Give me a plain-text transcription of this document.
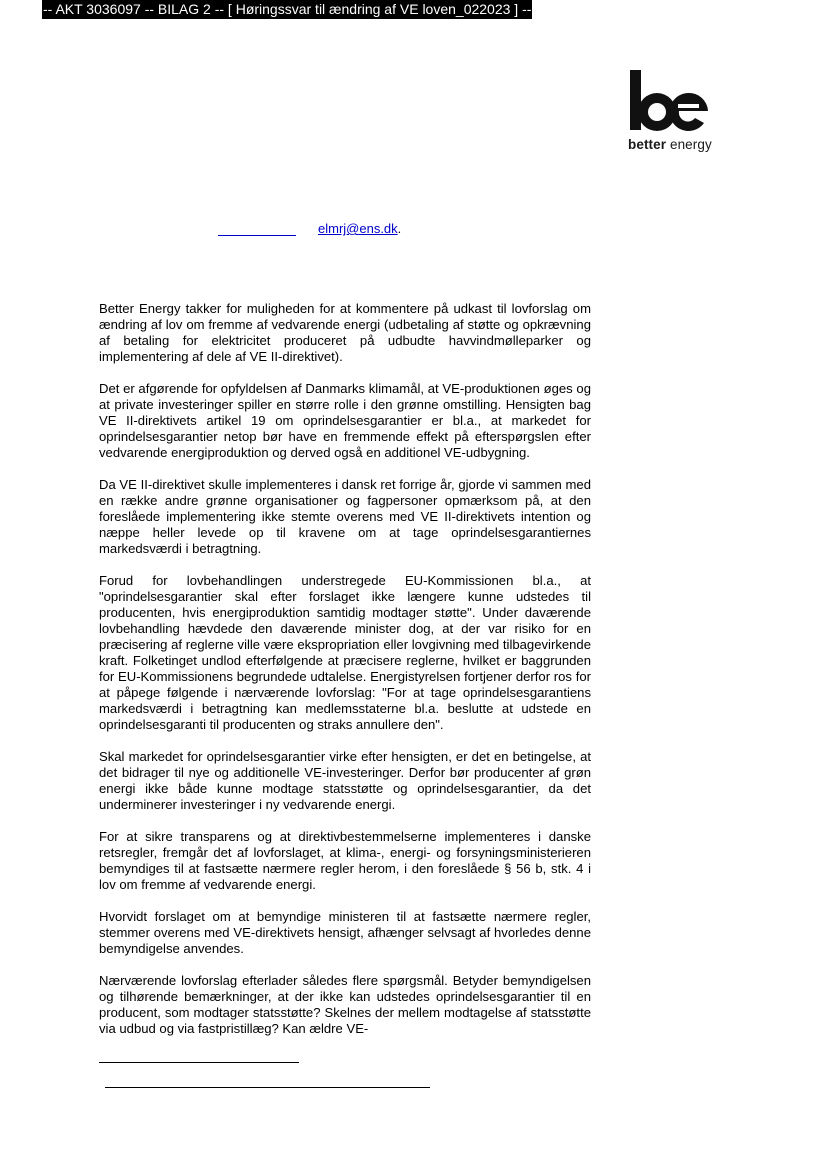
-- AKT 3036097 -- BILAG 2 -- [ Høringssvar til ændring af VE loven_022023 ] --
better energy
elmrj@ens.dk.

Better Energy takker for muligheden for at kommentere på udkast til lovforslag om ændring af lov om fremme af vedvarende energi (udbetaling af støtte og opkrævning af betaling for elektricitet produceret på udbudte havvindmølleparker og implementering af dele af VE II-direktivet).

Det er afgørende for opfyldelsen af Danmarks klimamål, at VE-produktionen øges og at private investeringer spiller en større rolle i den grønne omstilling. Hensigten bag VE II-direktivets artikel 19 om oprindelsesgarantier er bl.a., at markedet for oprindelsesgarantier netop bør have en fremmende effekt på efterspørgslen efter vedvarende energiproduktion og derved også en additionel VE-udbygning.

Da VE II-direktivet skulle implementeres i dansk ret forrige år, gjorde vi sammen med en række andre grønne organisationer og fagpersoner opmærksom på, at den foreslåede implementering ikke stemte overens med VE II-direktivets intention og næppe heller levede op til kravene om at tage oprindelsesgarantiernes markedsværdi i betragtning.

Forud for lovbehandlingen understregede EU-Kommissionen bl.a., at "oprindelsesgarantier skal efter forslaget ikke længere kunne udstedes til producenten, hvis energiproduktion samtidig modtager støtte". Under daværende lovbehandling hævdede den daværende minister dog, at der var risiko for en præcisering af reglerne ville være ekspropriation eller lovgivning med tilbagevirkende kraft. Folketinget undlod efterfølgende at præcisere reglerne, hvilket er baggrunden for EU-Kommissionens begrundede udtalelse. Energistyrelsen fortjener derfor ros for at påpege følgende i nærværende lovforslag: "For at tage oprindelsesgarantiens markedsværdi i betragtning kan medlemsstaterne bl.a. beslutte at udstede en oprindelsesgaranti til producenten og straks annullere den".

Skal markedet for oprindelsesgarantier virke efter hensigten, er det en betingelse, at det bidrager til nye og additionelle VE-investeringer. Derfor bør producenter af grøn energi ikke både kunne modtage statsstøtte og oprindelsesgarantier, da det underminerer investeringer i ny vedvarende energi.

For at sikre transparens og at direktivbestemmelserne implementeres i danske retsregler, fremgår det af lovforslaget, at klima-, energi- og forsyningsministerieren bemyndiges til at fastsætte nærmere regler herom, i den foreslåede § 56 b, stk. 4 i lov om fremme af vedvarende energi.

Hvorvidt forslaget om at bemyndige ministeren til at fastsætte nærmere regler, stemmer overens med VE-direktivets hensigt, afhænger selvsagt af hvorledes denne bemyndigelse anvendes.

Nærværende lovforslag efterlader således flere spørgsmål. Betyder bemyndigelsen og tilhørende bemærkninger, at der ikke kan udstedes oprindelsesgarantier til en producent, som modtager statsstøtte? Skelnes der mellem modtagelse af statsstøtte via udbud og via fastpristillæg? Kan ældre VE-
